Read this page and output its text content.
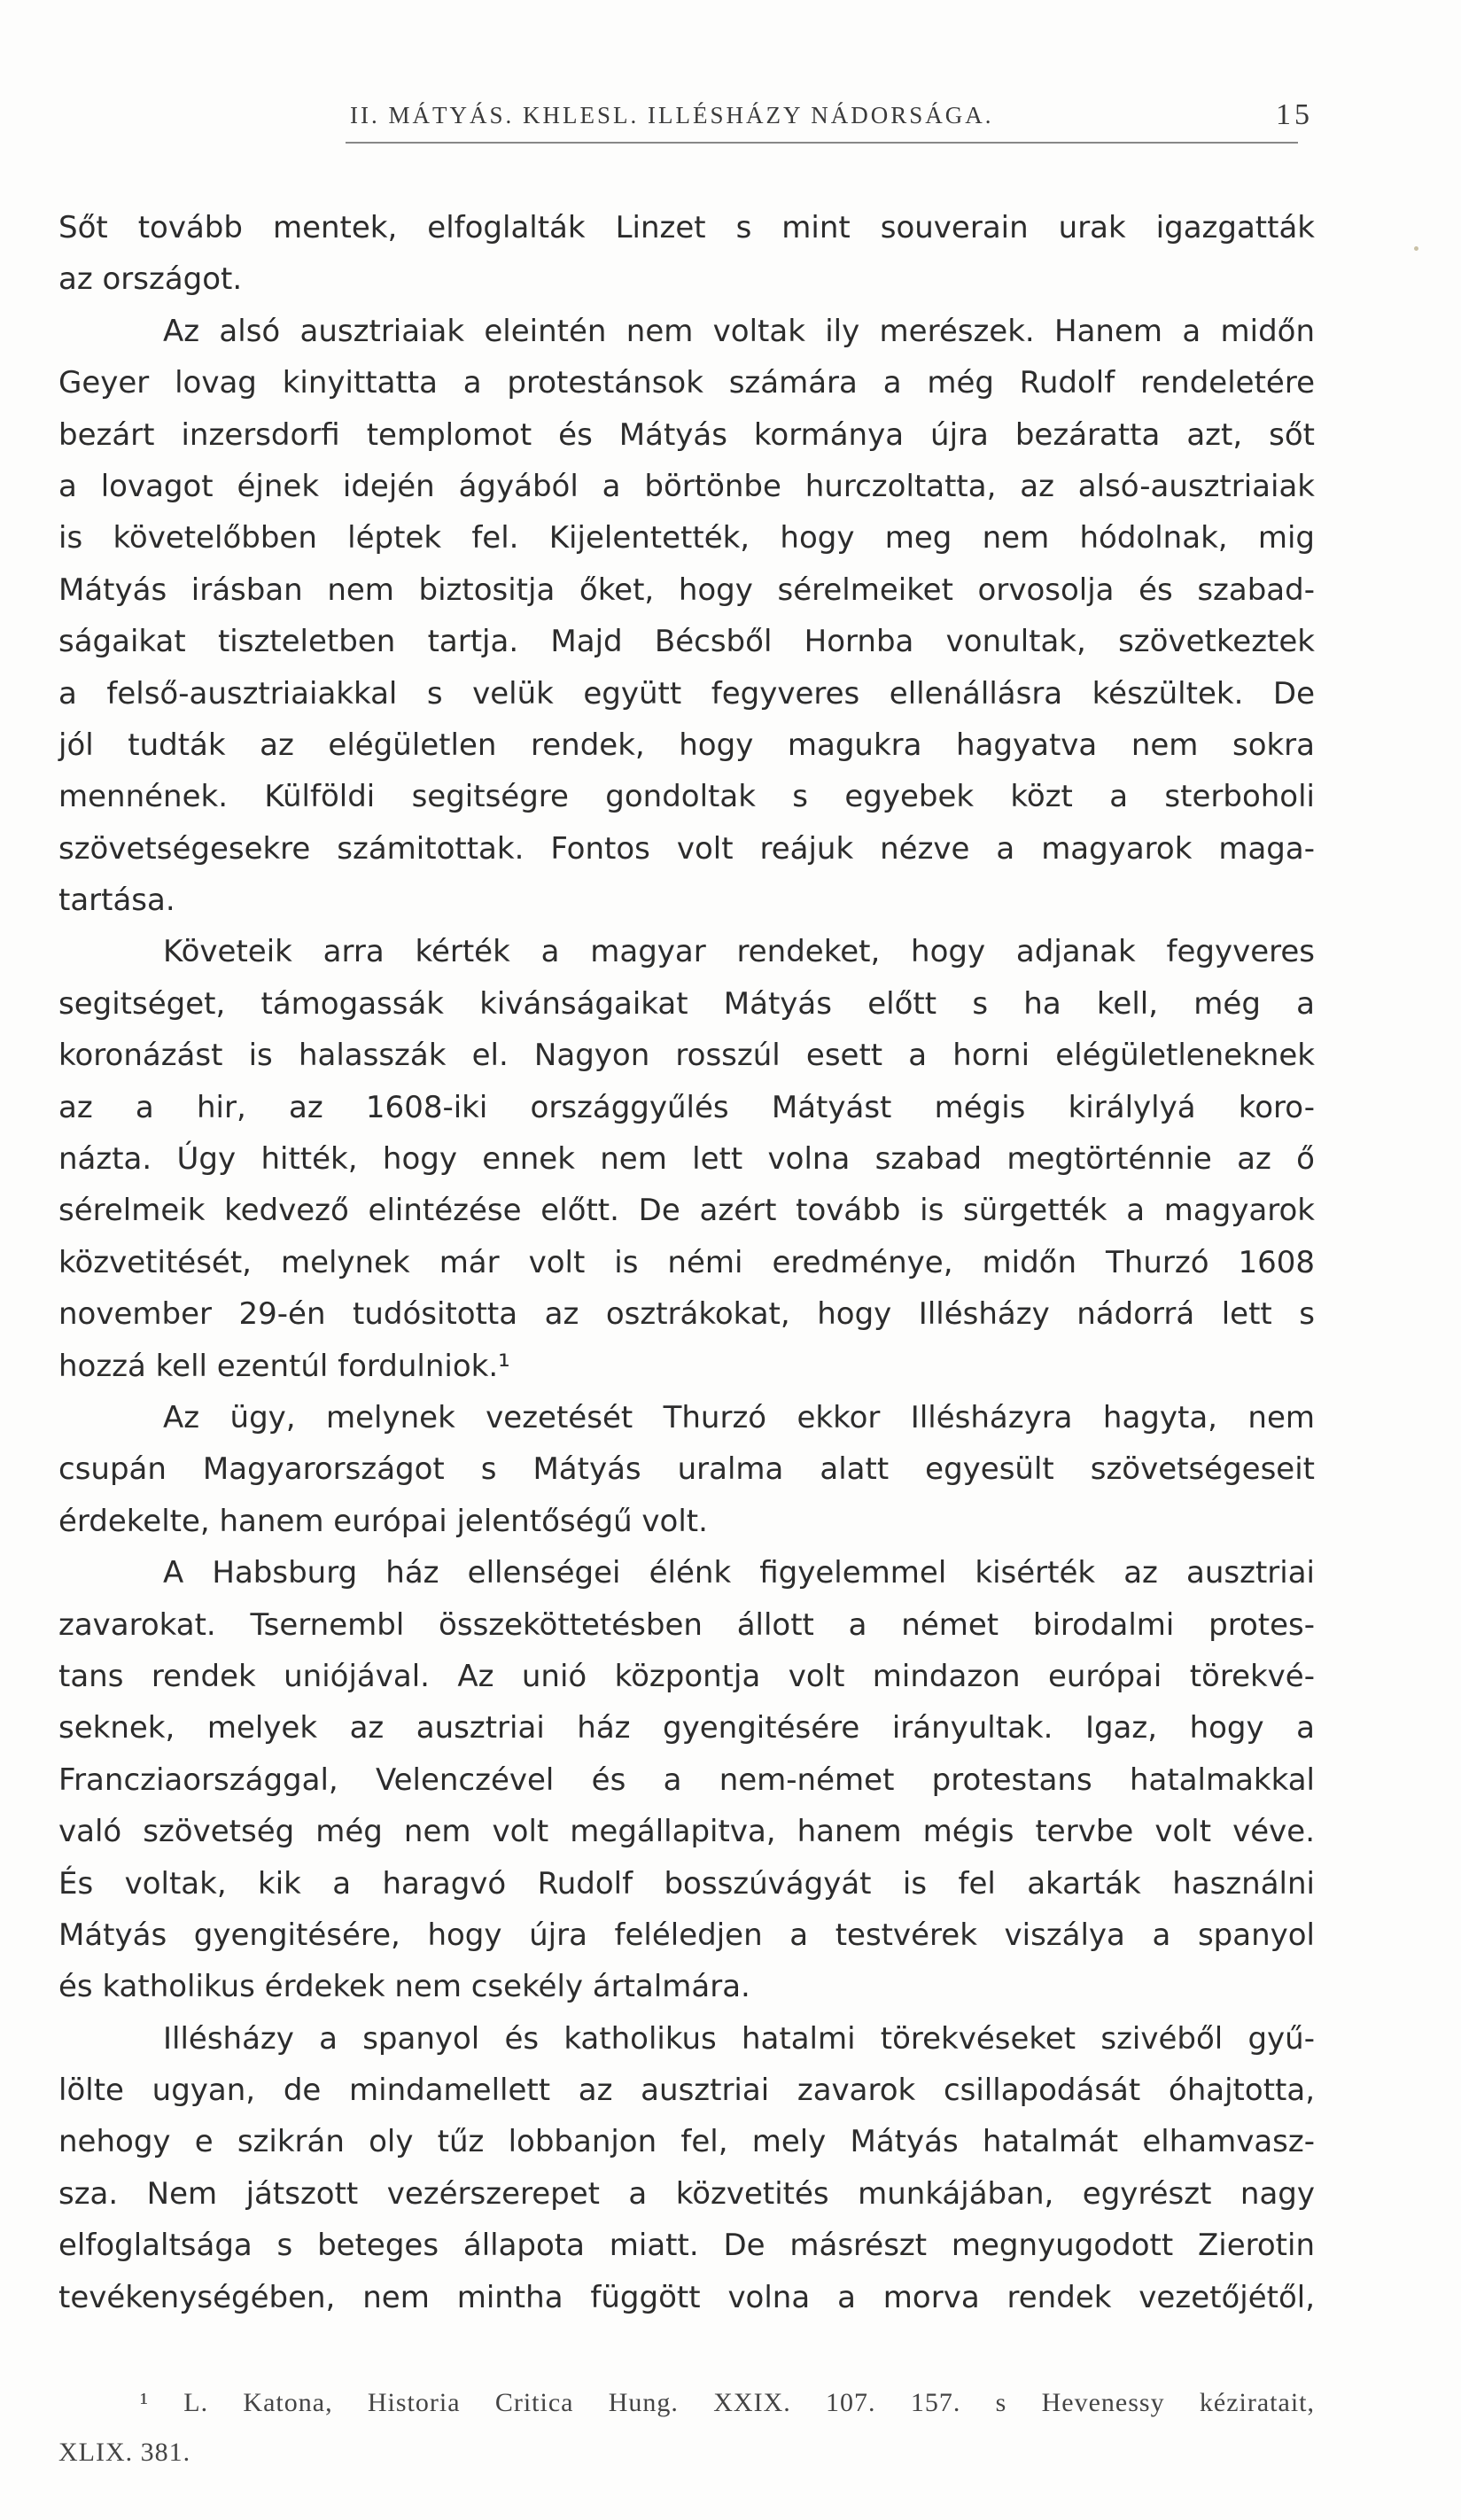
II. MÁTYÁS. KHLESL. ILLÉSHÁZY NÁDORSÁGA.	15
Sőt tovább mentek, elfoglalták Linzet s mint souverain urak igazgatták
az országot.
Az alsó ausztriaiak eleintén nem voltak ily merészek. Hanem a midőn
Geyer lovag kinyittatta a protestánsok számára a még Rudolf rendeletére
bezárt inzersdorfi templomot és Mátyás kormánya újra bezáratta azt, sőt
a lovagot éjnek idején ágyából a börtönbe hurczoltatta, az alsó-ausztriaiak
is követelőbben léptek fel. Kijelentették, hogy meg nem hódolnak, mig
Mátyás irásban nem biztositja őket, hogy sérelmeiket orvosolja és szabad-
ságaikat tiszteletben tartja. Majd Bécsből Hornba vonultak, szövetkeztek
a felső-ausztriaiakkal s velük együtt fegyveres ellenállásra készültek. De
jól tudták az elégületlen rendek, hogy magukra hagyatva nem sokra
mennének. Külföldi segitségre gondoltak s egyebek közt a sterboholi
szövetségesekre számitottak. Fontos volt reájuk nézve a magyarok maga-
tartása.
Követeik arra kérték a magyar rendeket, hogy adjanak fegyveres
segitséget, támogassák kivánságaikat Mátyás előtt s ha kell, még a
koronázást is halasszák el. Nagyon rosszúl esett a horni elégületleneknek
az a hir, az 1608-iki országgyűlés Mátyást mégis királylyá koro-
názta. Úgy hitték, hogy ennek nem lett volna szabad megtörténnie az ő
sérelmeik kedvező elintézése előtt. De azért tovább is sürgették a magyarok
közvetitését, melynek már volt is némi eredménye, midőn Thurzó 1608
november 29-én tudósitotta az osztrákokat, hogy Illésházy nádorrá lett s
hozzá kell ezentúl fordulniok.¹
Az ügy, melynek vezetését Thurzó ekkor Illésházyra hagyta, nem
csupán Magyarországot s Mátyás uralma alatt egyesült szövetségeseit
érdekelte, hanem európai jelentőségű volt.
A Habsburg ház ellenségei élénk figyelemmel kisérték az ausztriai
zavarokat. Tsernembl összeköttetésben állott a német birodalmi protes-
tans rendek uniójával. Az unió központja volt mindazon európai törekvé-
seknek, melyek az ausztriai ház gyengitésére irányultak. Igaz, hogy a
Francziaországgal, Velenczével és a nem-német protestans hatalmakkal
való szövetség még nem volt megállapitva, hanem mégis tervbe volt véve.
És voltak, kik a haragvó Rudolf bosszúvágyát is fel akarták használni
Mátyás gyengitésére, hogy újra feléledjen a testvérek viszálya a spanyol
és katholikus érdekek nem csekély ártalmára.
Illésházy a spanyol és katholikus hatalmi törekvéseket szivéből gyű-
lölte ugyan, de mindamellett az ausztriai zavarok csillapodását óhajtotta,
nehogy e szikrán oly tűz lobbanjon fel, mely Mátyás hatalmát elhamvasz-
sza. Nem játszott vezérszerepet a közvetités munkájában, egyrészt nagy
elfoglaltsága s beteges állapota miatt. De másrészt megnyugodott Zierotin
tevékenységében, nem mintha függött volna a morva rendek vezetőjétől,
¹ L. Katona, Historia Critica Hung. XXIX. 107. 157. s Hevenessy kéziratait,
XLIX. 381.
